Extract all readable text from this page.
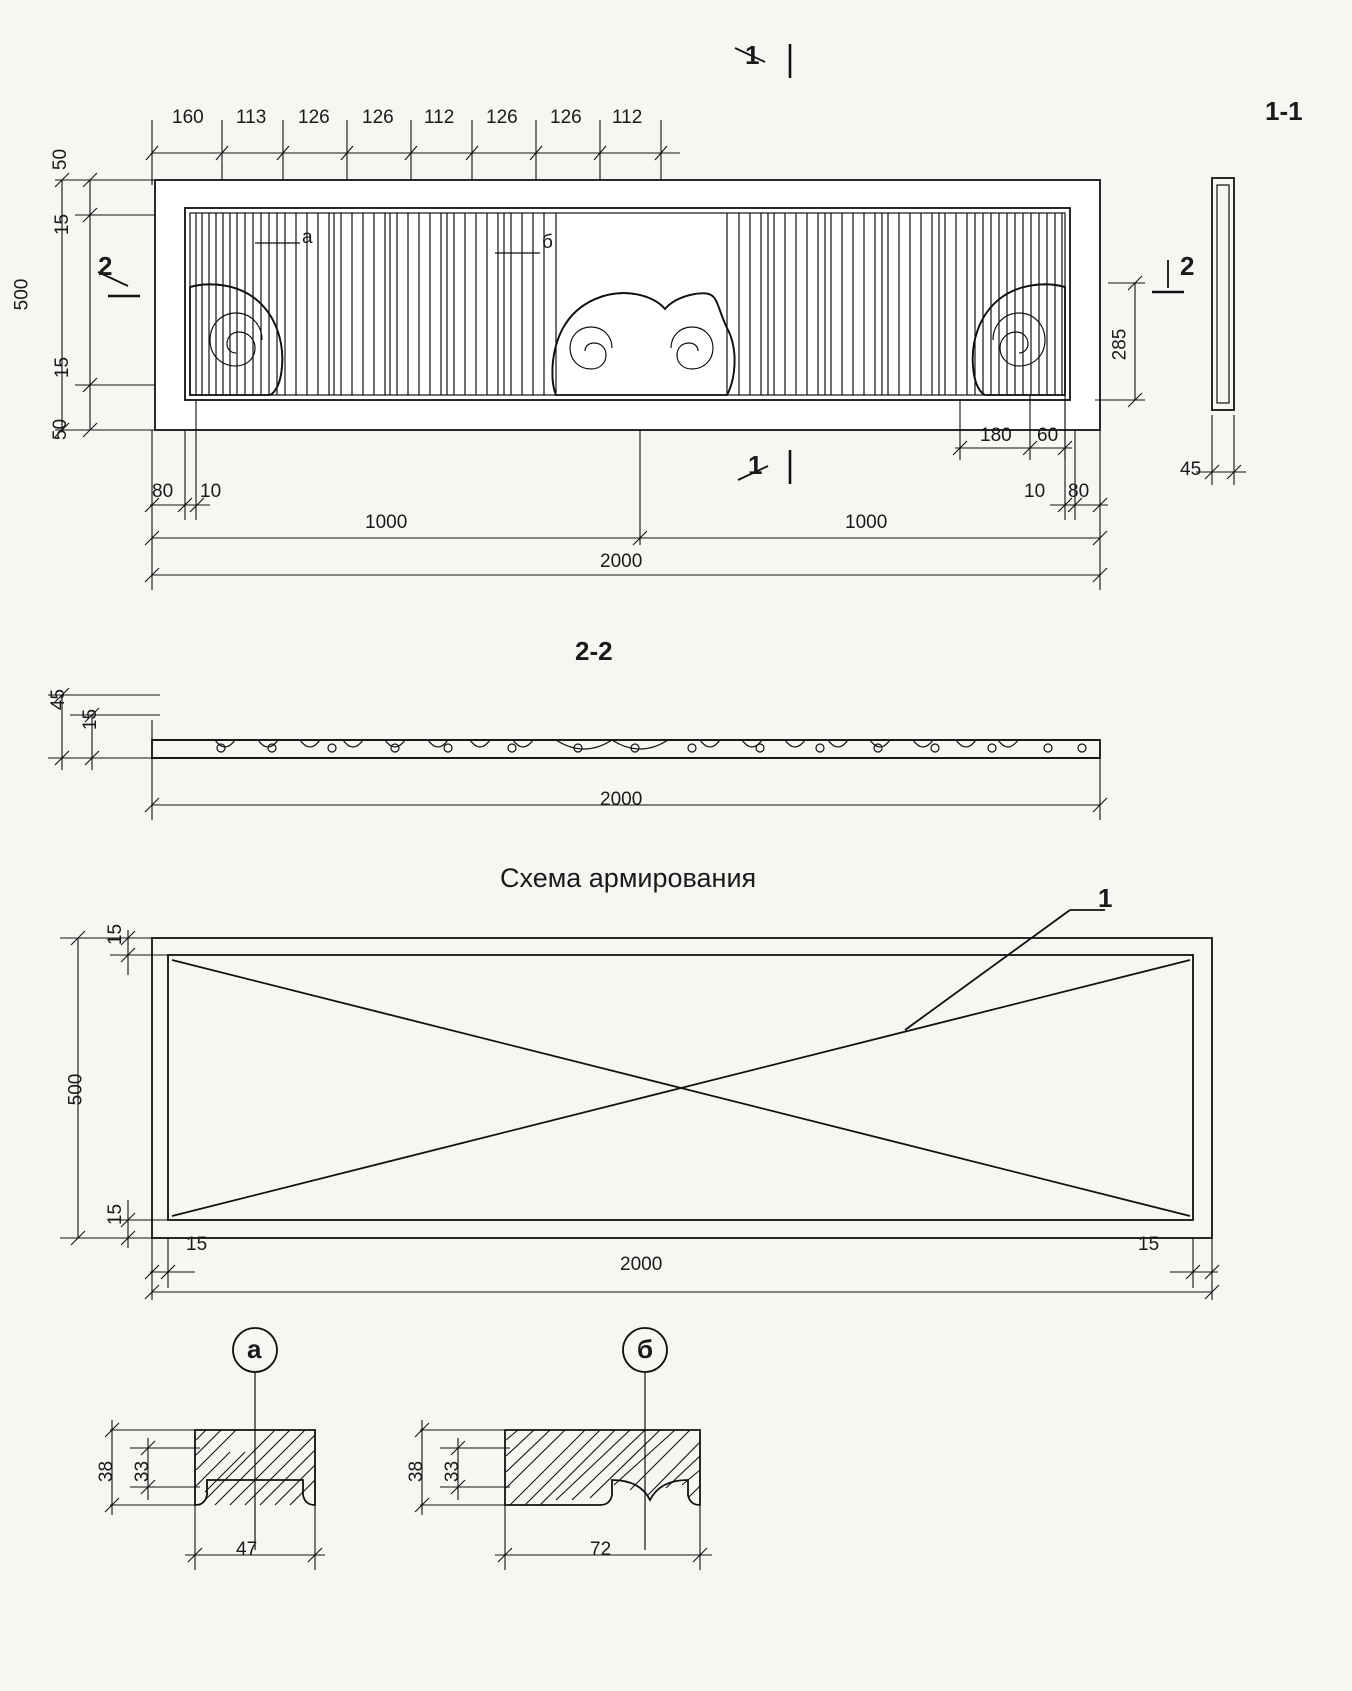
160 113 126 126 112 126 126 112
1
1-1
1
2	2
50
15
15
50
500
а	б
285
180 60
80 10	10 80
1000	1000
2000
45
2-2
45
15
2000
Схема армирования
1
15
15
500
15	15
2000
а	б
38 33
47
38 33
72
